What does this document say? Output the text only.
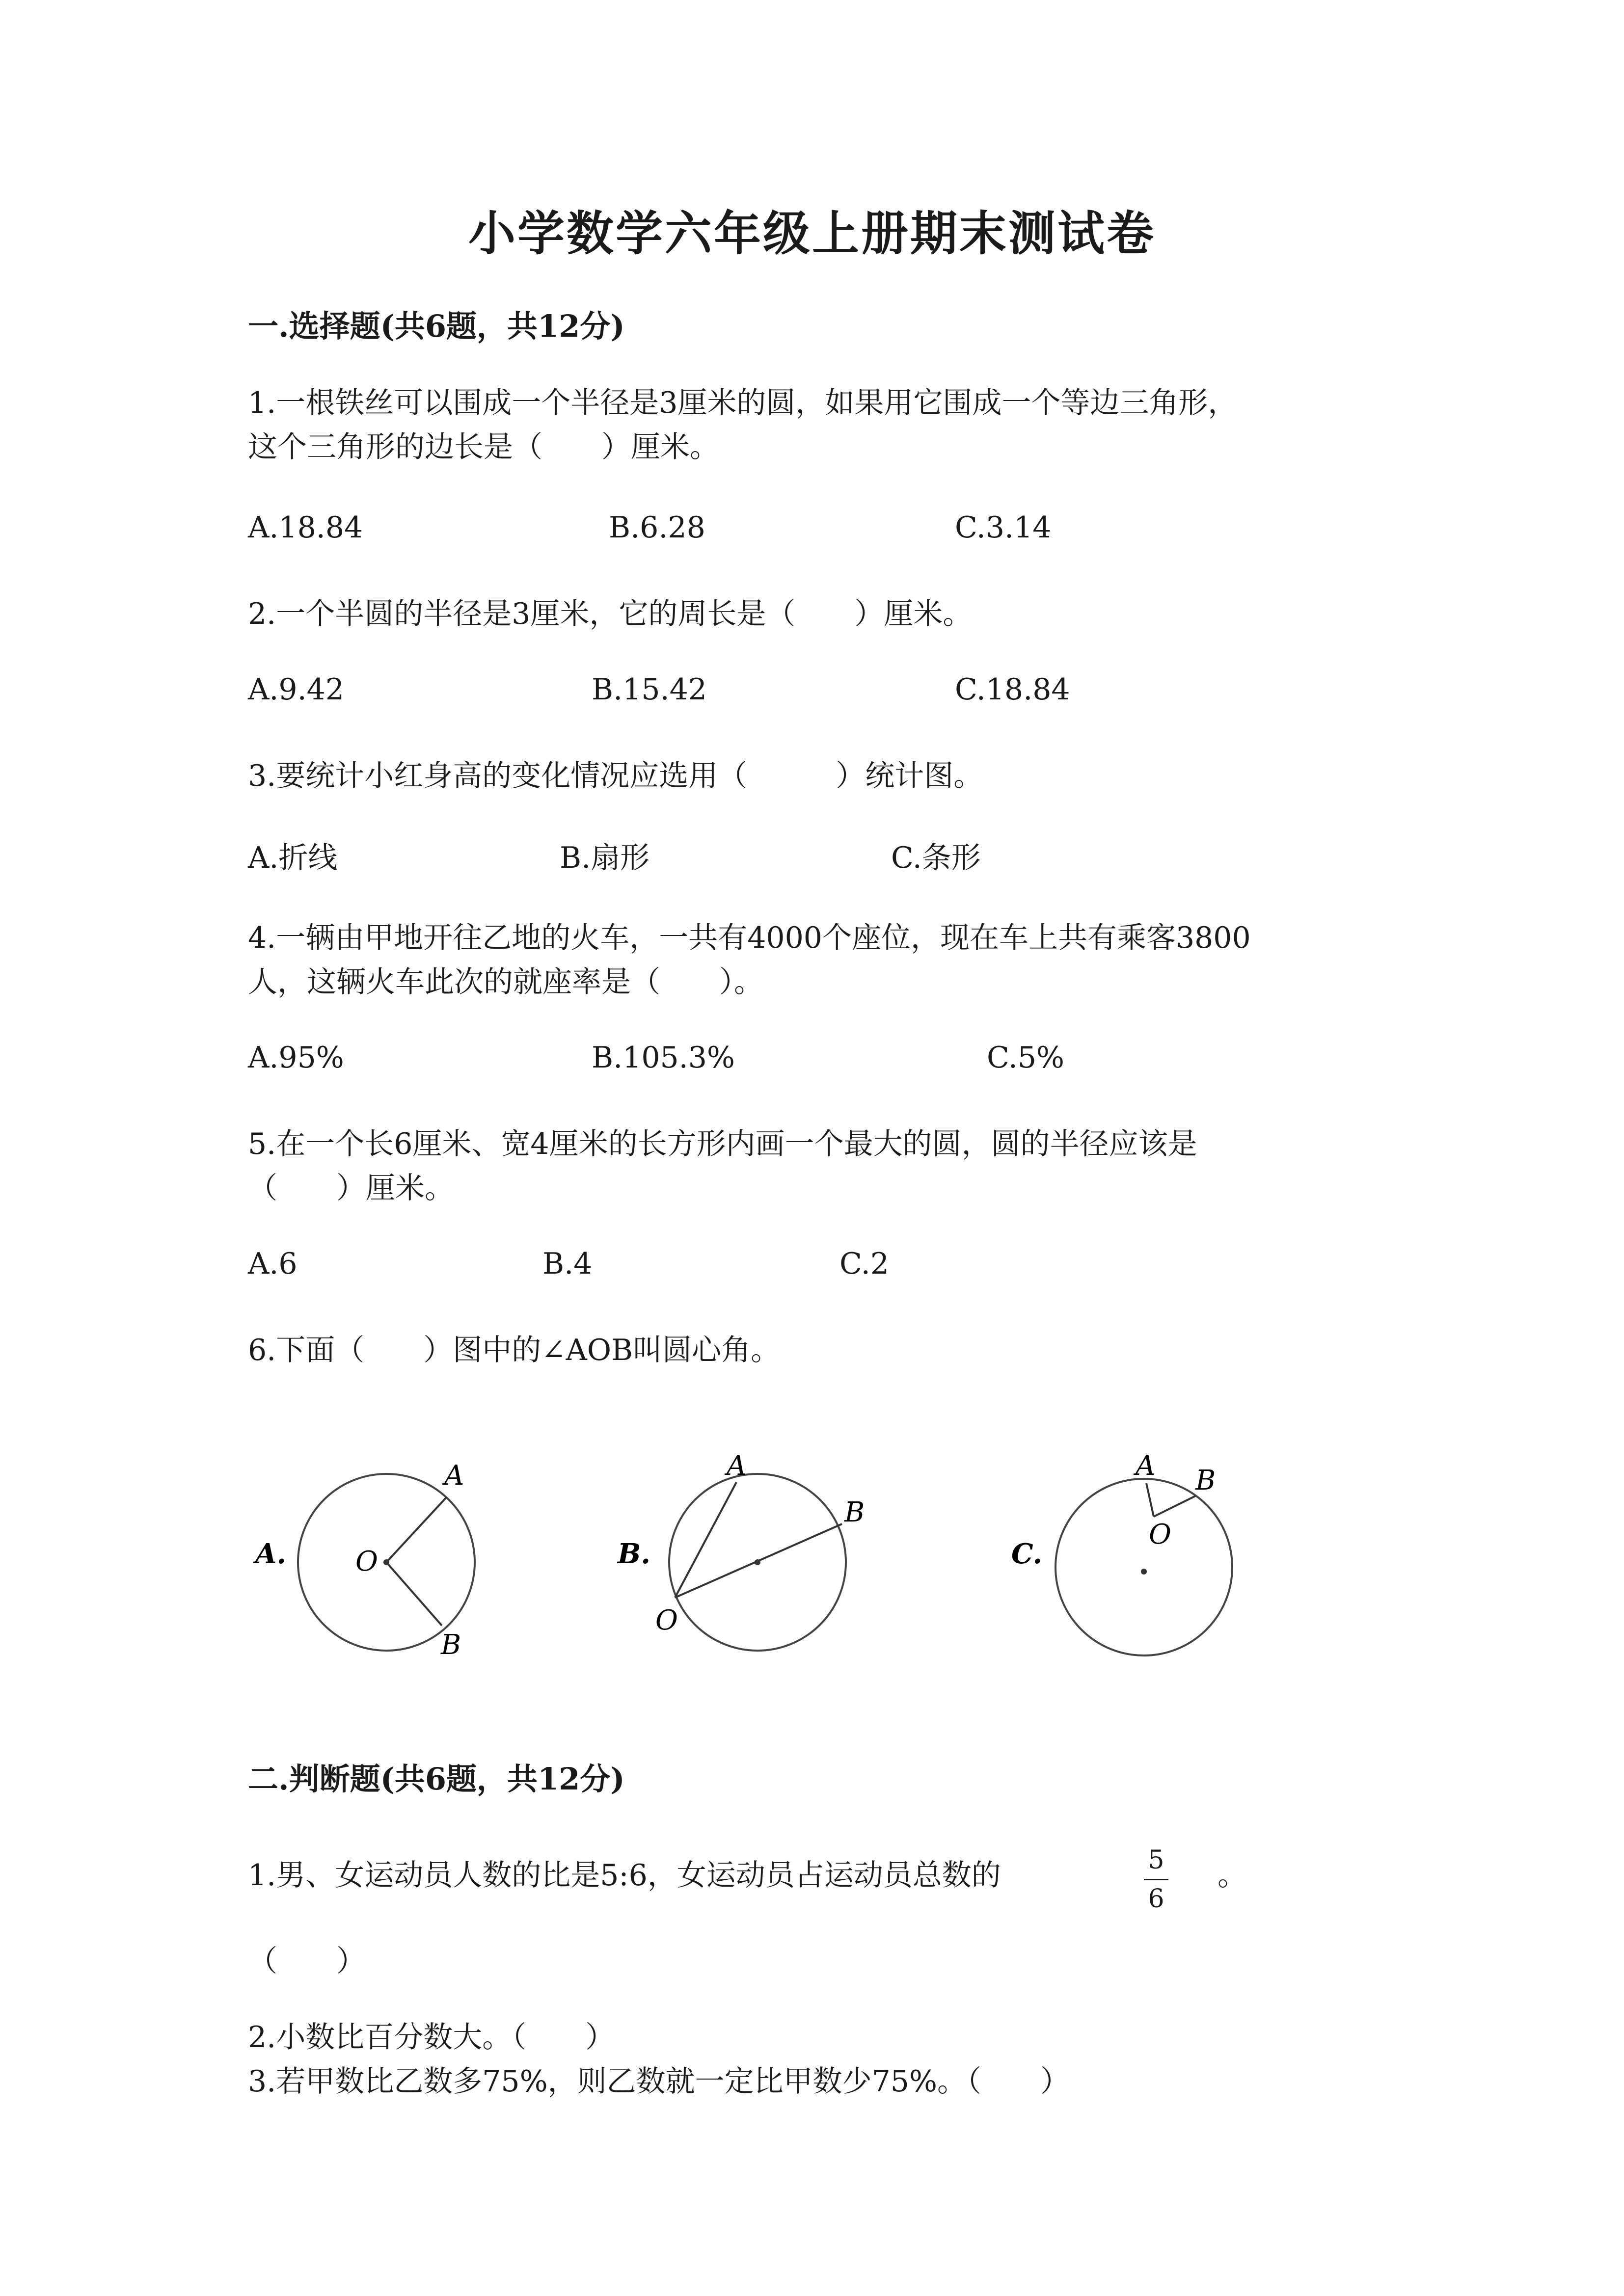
小学数学六年级上册期末测试卷
一.选择题(共6题，共12分)
1.一根铁丝可以围成一个半径是3厘米的圆，如果用它围成一个等边三角形，
这个三角形的边长是（　　）厘米。
A.18.84	B.6.28	C.3.14
2.一个半圆的半径是3厘米，它的周长是（　　）厘米。
A.9.42	B.15.42	C.18.84
3.要统计小红身高的变化情况应选用（　　　）统计图。
A.折线	B.扇形	C.条形
4.一辆由甲地开往乙地的火车，一共有4000个座位，现在车上共有乘客3800
人，这辆火车此次的就座率是（　　）。
A.95%	B.105.3%	C.5%
5.在一个长6厘米、宽4厘米的长方形内画一个最大的圆，圆的半径应该是
（　　）厘米。
A.6	B.4	C.2
6.下面（　　）图中的∠AOB叫圆心角。
A.	O
A
B
B.
O
A
B
C.
A B
O
二.判断题(共6题，共12分)
1.男、女运动员人数的比是5:6，女运动员占运动员总数的	5
6
。
（　　）
2.小数比百分数大。（　　）
3.若甲数比乙数多75%，则乙数就一定比甲数少75%。（　　）
